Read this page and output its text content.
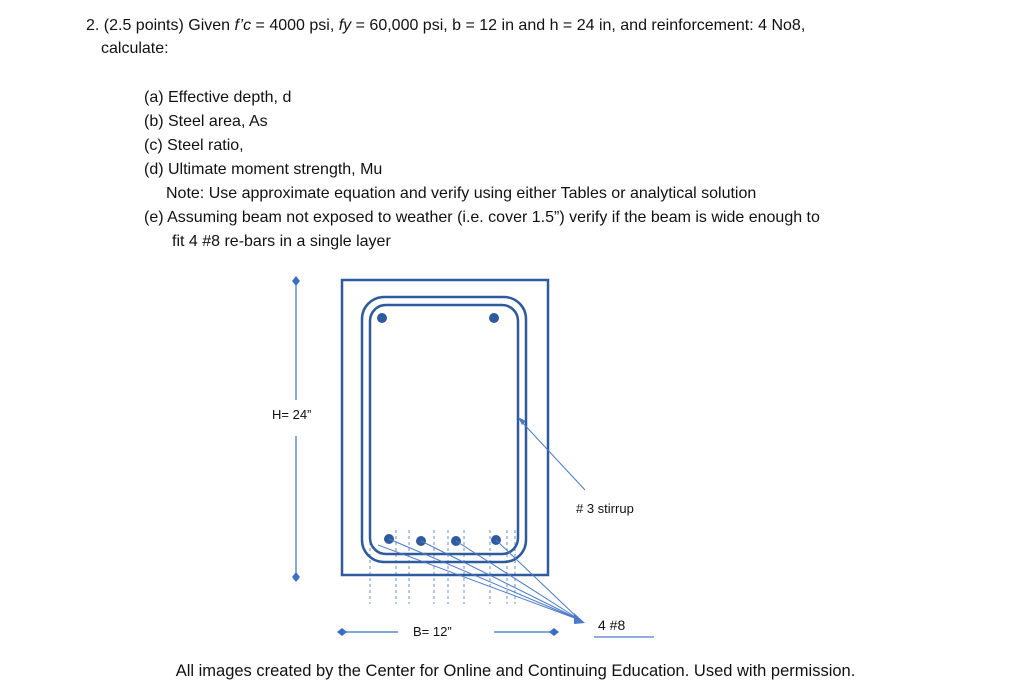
2. (2.5 points) Given f’c = 4000 psi, fy = 60,000 psi, b = 12 in and h = 24 in, and reinforcement: 4 No8,
calculate:
(a) Effective depth, d
(b) Steel area, As
(c) Steel ratio,
(d) Ultimate moment strength, Mu
Note: Use approximate equation and verify using either Tables or analytical solution
(e) Assuming beam not exposed to weather (i.e. cover 1.5”) verify if the beam is wide enough to
fit 4 #8 re-bars in a single layer
H= 24”
B= 12”
# 3 stirrup
4 #8
All images created by the Center for Online and Continuing Education. Used with permission.
